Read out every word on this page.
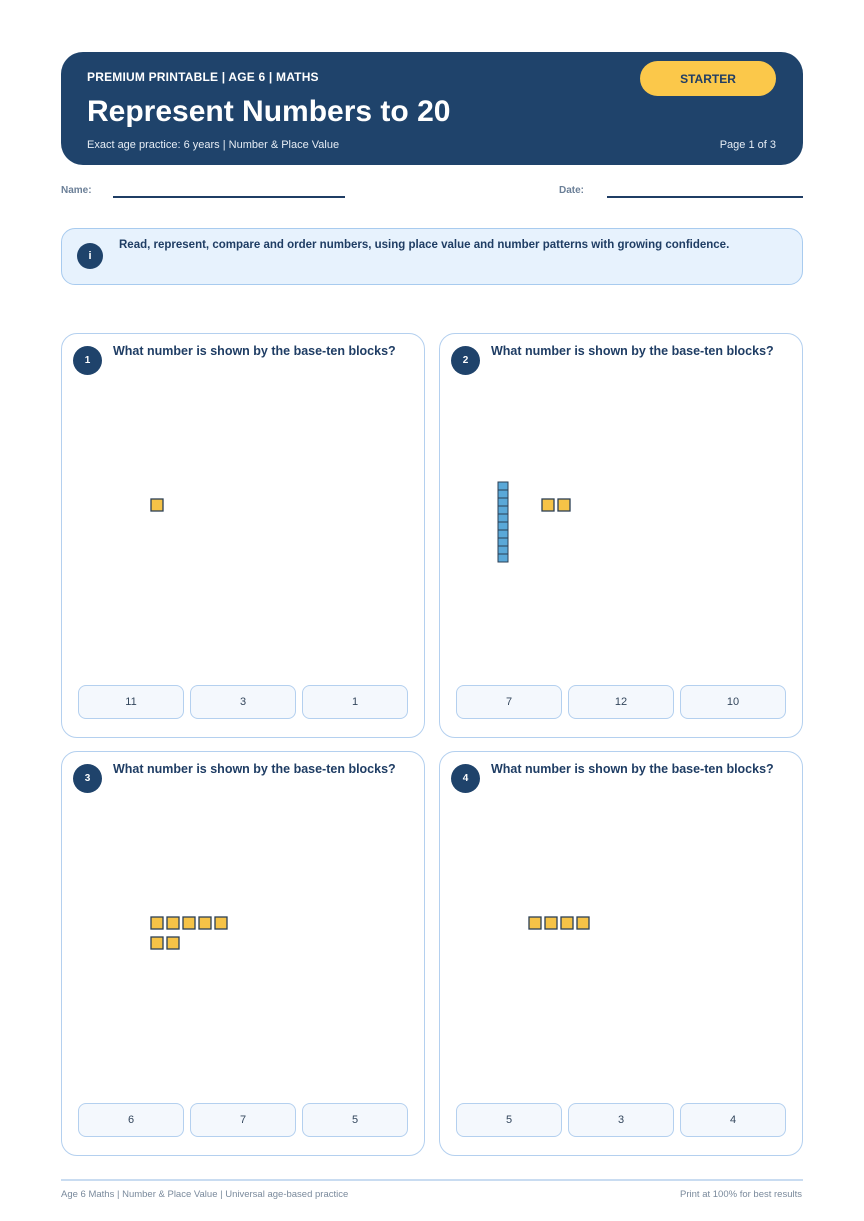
PREMIUM PRINTABLE | AGE 6 | MATHS
Represent Numbers to 20
Exact age practice: 6 years | Number & Place Value	Page 1 of 3
STARTER
Name:	Date:
i
Read, represent, compare and order numbers, using place value and number patterns with growing confidence.
1
What number is shown by the base-ten blocks?
11	3	1
2
What number is shown by the base-ten blocks?
7	12	10
3
What number is shown by the base-ten blocks?
6	7	5
4
What number is shown by the base-ten blocks?
5	3	4
Age 6 Maths | Number & Place Value | Universal age-based practice	Print at 100% for best results
